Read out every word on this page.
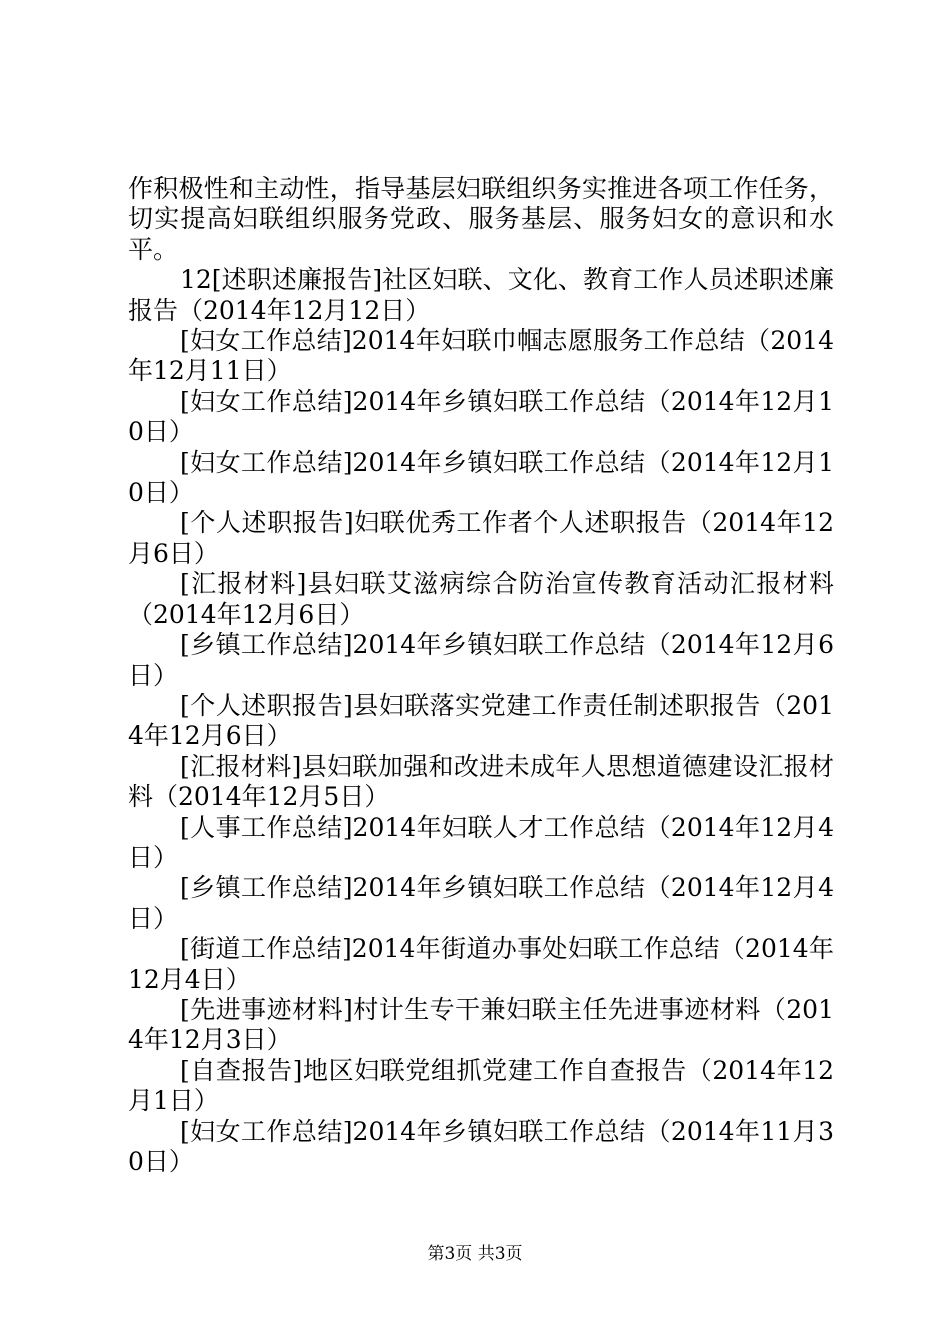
作积极性和主动性，指导基层妇联组织务实推进各项工作任务，切实提高妇联组织服务党政、服务基层、服务妇女的意识和水平。

12[述职述廉报告]社区妇联、文化、教育工作人员述职述廉报告（2014年12月12日）

[妇女工作总结]2014年妇联巾帼志愿服务工作总结（2014年12月11日）

[妇女工作总结]2014年乡镇妇联工作总结（2014年12月10日）

[妇女工作总结]2014年乡镇妇联工作总结（2014年12月10日）

[个人述职报告]妇联优秀工作者个人述职报告（2014年12月6日）

[汇报材料]县妇联艾滋病综合防治宣传教育活动汇报材料（2014年12月6日）

[乡镇工作总结]2014年乡镇妇联工作总结（2014年12月6日）

[个人述职报告]县妇联落实党建工作责任制述职报告（2014年12月6日）

[汇报材料]县妇联加强和改进未成年人思想道德建设汇报材料（2014年12月5日）

[人事工作总结]2014年妇联人才工作总结（2014年12月4日）

[乡镇工作总结]2014年乡镇妇联工作总结（2014年12月4日）

[街道工作总结]2014年街道办事处妇联工作总结（2014年12月4日）

[先进事迹材料]村计生专干兼妇联主任先进事迹材料（2014年12月3日）

[自查报告]地区妇联党组抓党建工作自查报告（2014年12月1日）

[妇女工作总结]2014年乡镇妇联工作总结（2014年11月30日）

第3页 共3页
